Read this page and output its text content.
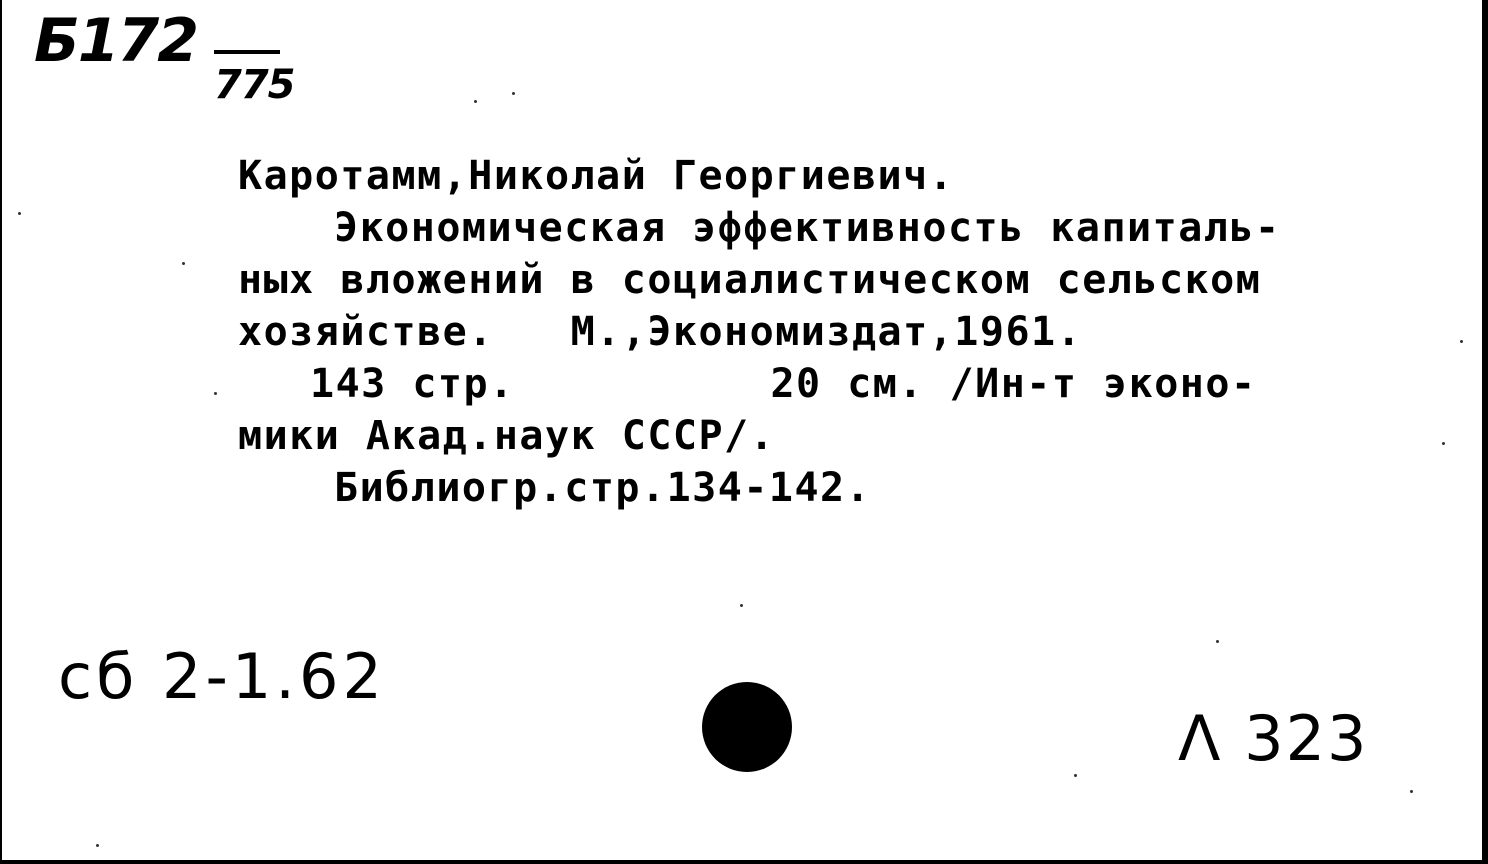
Б172
775
Каротамм,Николай Георгиевич.
Экономическая эффективность капиталь-
ных вложений в социалистическом сельском
хозяйстве.   М.,Экономиздат,1961.
143 стр.          20 см. /Ин-т эконо-
мики Акад.наук СССР/.
Библиогр.стр.134-142.
сб 2-1.62
Λ 323
